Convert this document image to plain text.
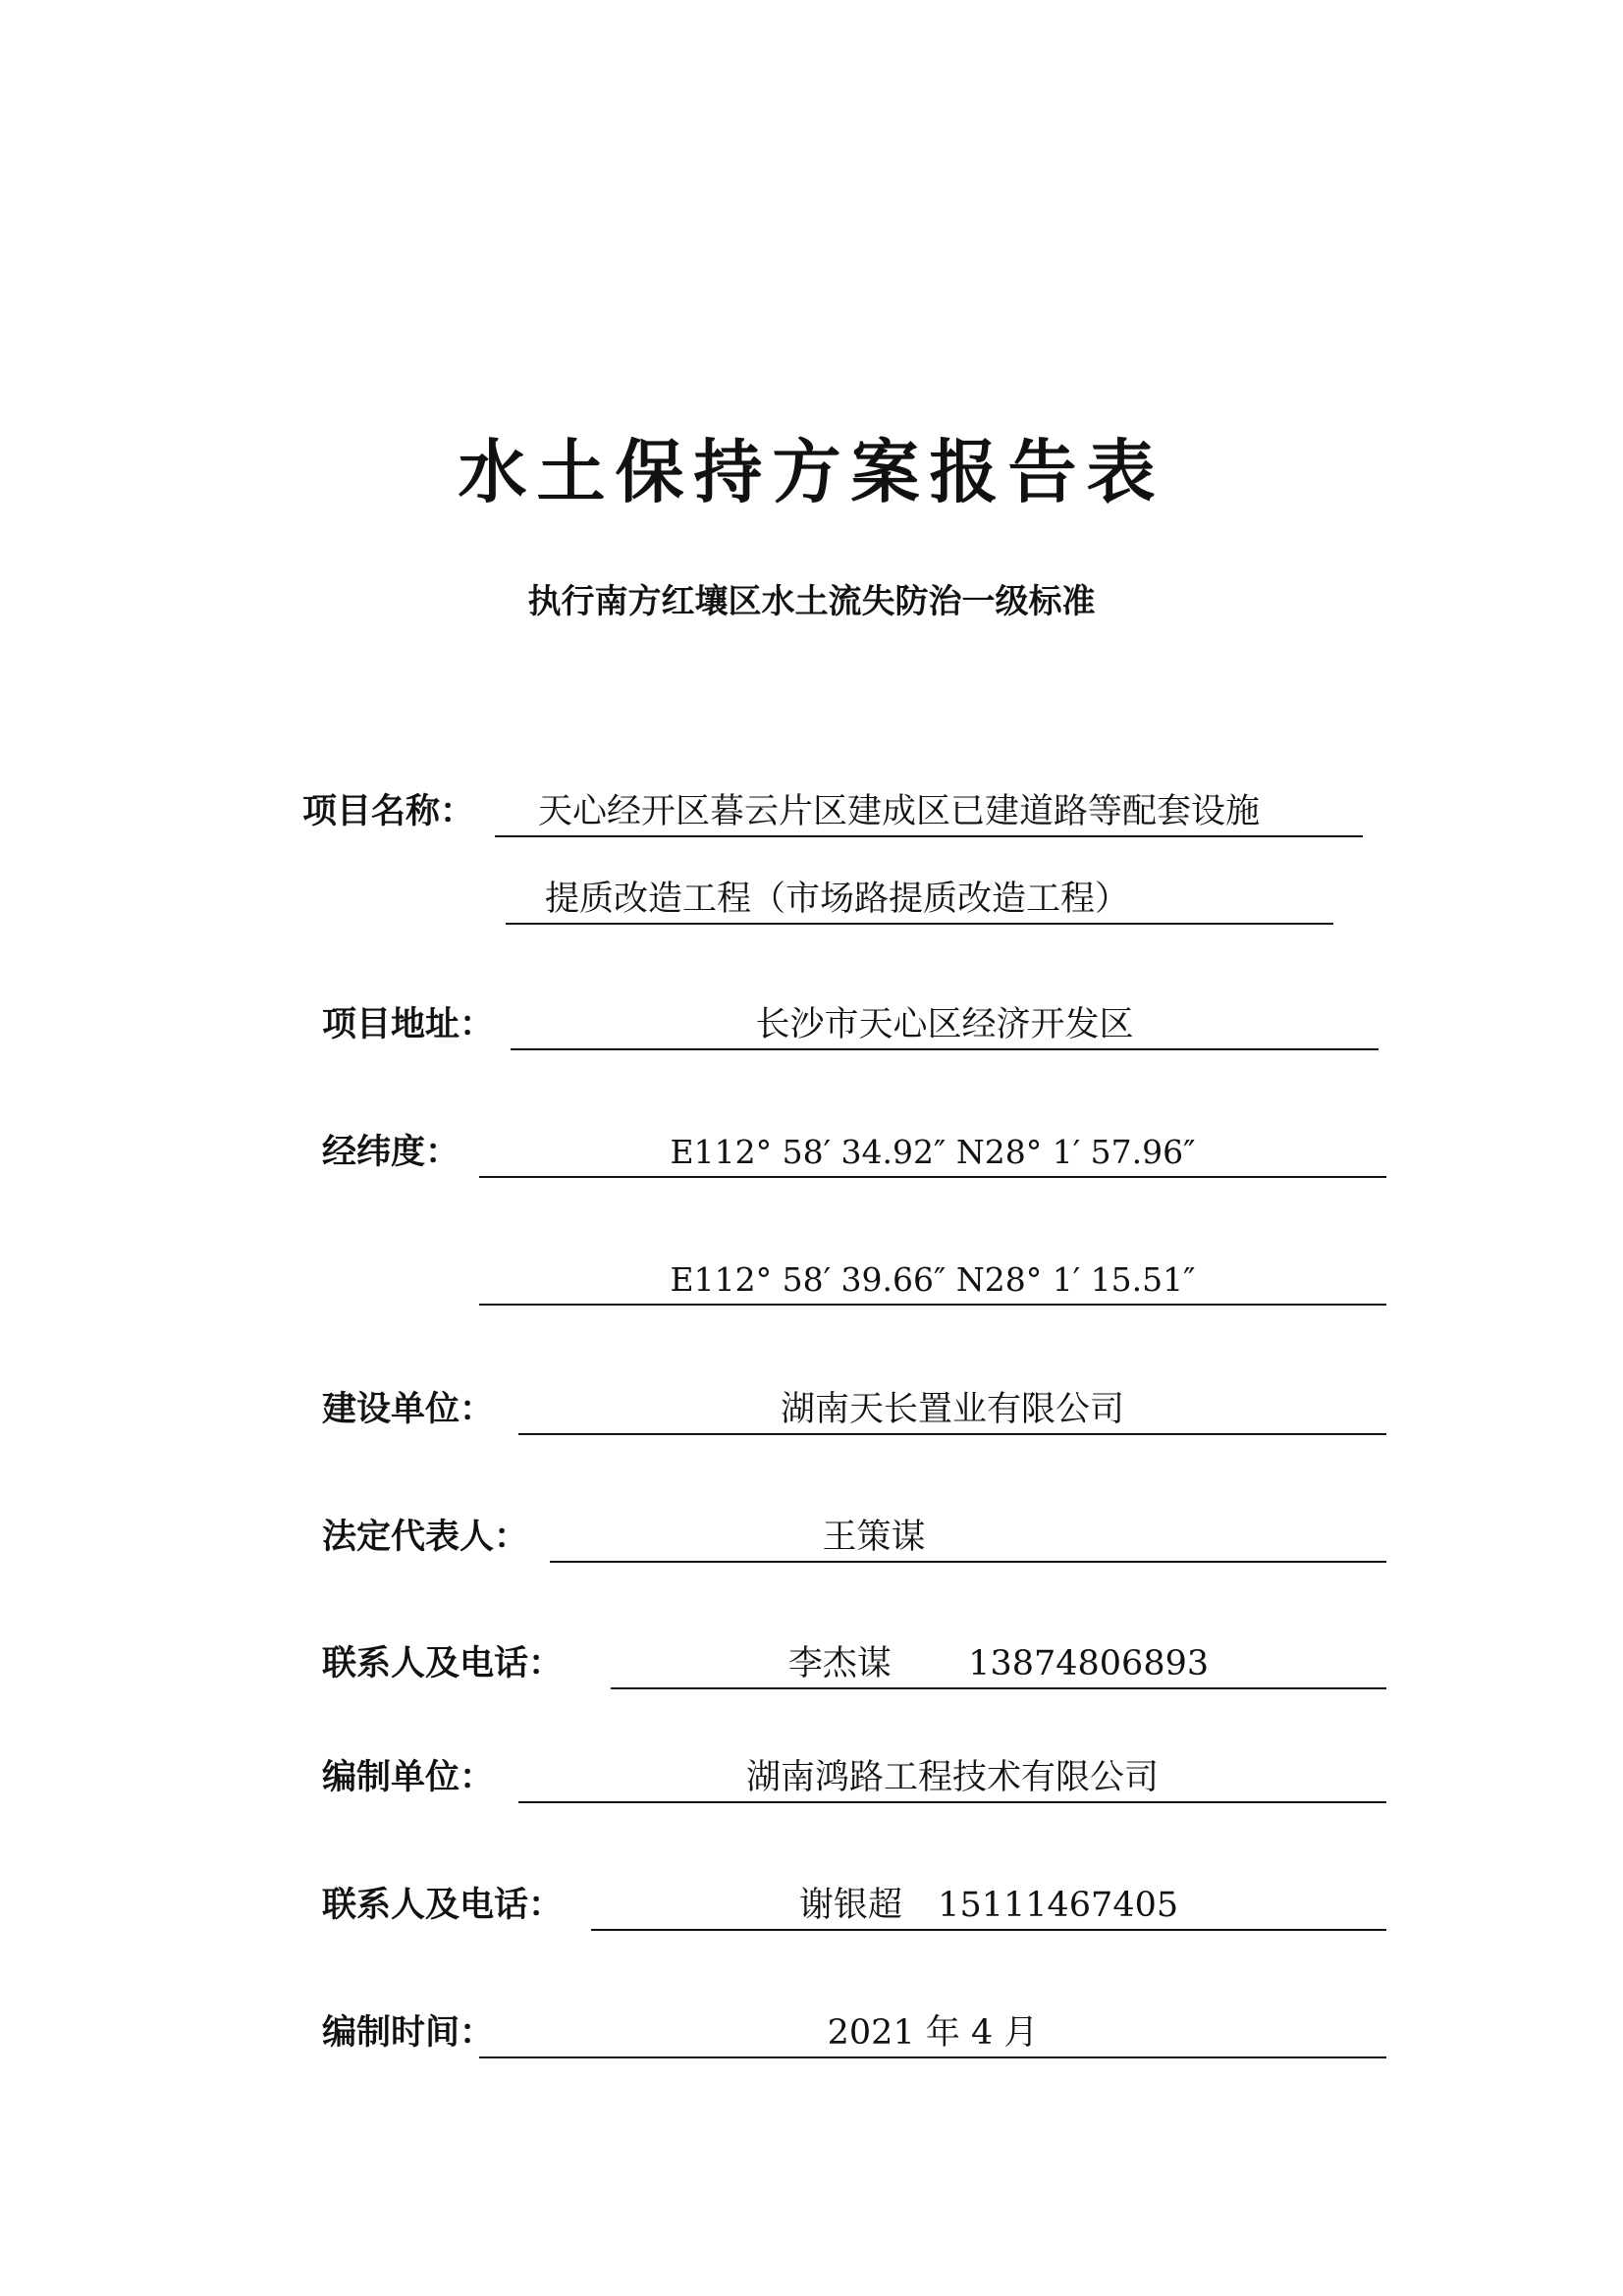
水土保持方案报告表
执行南方红壤区水土流失防治一级标准
项目名称：	天心经开区暮云片区建成区已建道路等配套设施
提质改造工程（市场路提质改造工程）
项目地址：	长沙市天心区经济开发区
经纬度：	E112° 58′ 34.92″ N28° 1′ 57.96″
E112° 58′ 39.66″ N28° 1′ 15.51″
建设单位：	湖南天长置业有限公司
法定代表人：	王策谋
联系人及电话：	李杰谋 13874806893
编制单位：	湖南鸿路工程技术有限公司
联系人及电话：	谢银超 15111467405
编制时间：	2021 年 4 月
